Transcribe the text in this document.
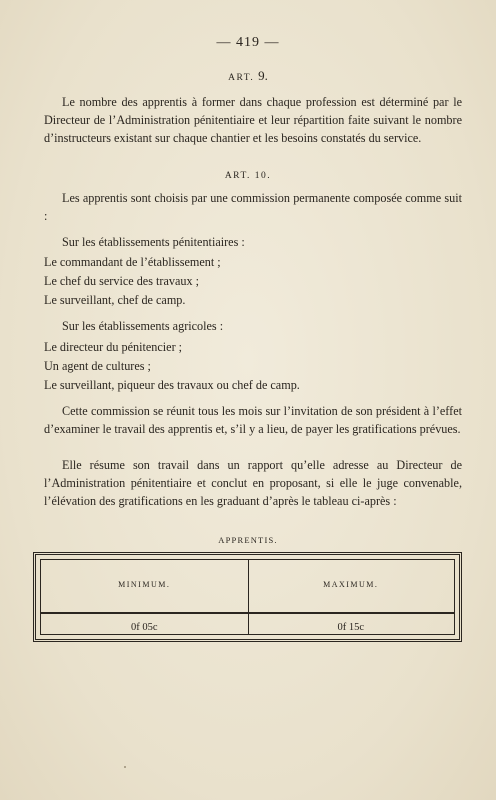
— 419 —
ART. 9.
Le nombre des apprentis à former dans chaque profession est déterminé par le Directeur de l’Administration pénitentiaire et leur répartition faite suivant le nombre d’instructeurs existant sur chaque chantier et les besoins constatés du service.
ART. 10.
Les apprentis sont choisis par une commission permanente composée comme suit :
Sur les établissements pénitentiaires :
Le commandant de l’établissement ;
Le chef du service des travaux ;
Le surveillant, chef de camp.
Sur les établissements agricoles :
Le directeur du pénitencier ;
Un agent de cultures ;
Le surveillant, piqueur des travaux ou chef de camp.
Cette commission se réunit tous les mois sur l’invitation de son président à l’effet d’examiner le travail des apprentis et, s’il y a lieu, de payer les gratifications prévues.
Elle résume son travail dans un rapport qu’elle adresse au Directeur de l’Administration pénitentiaire et conclut en proposant, si elle le juge convenable, l’élévation des gratifications en les graduant d’après le tableau ci-après :
APPRENTIS.
MINIMUM.	MAXIMUM.
0f 05c	0f 15c
